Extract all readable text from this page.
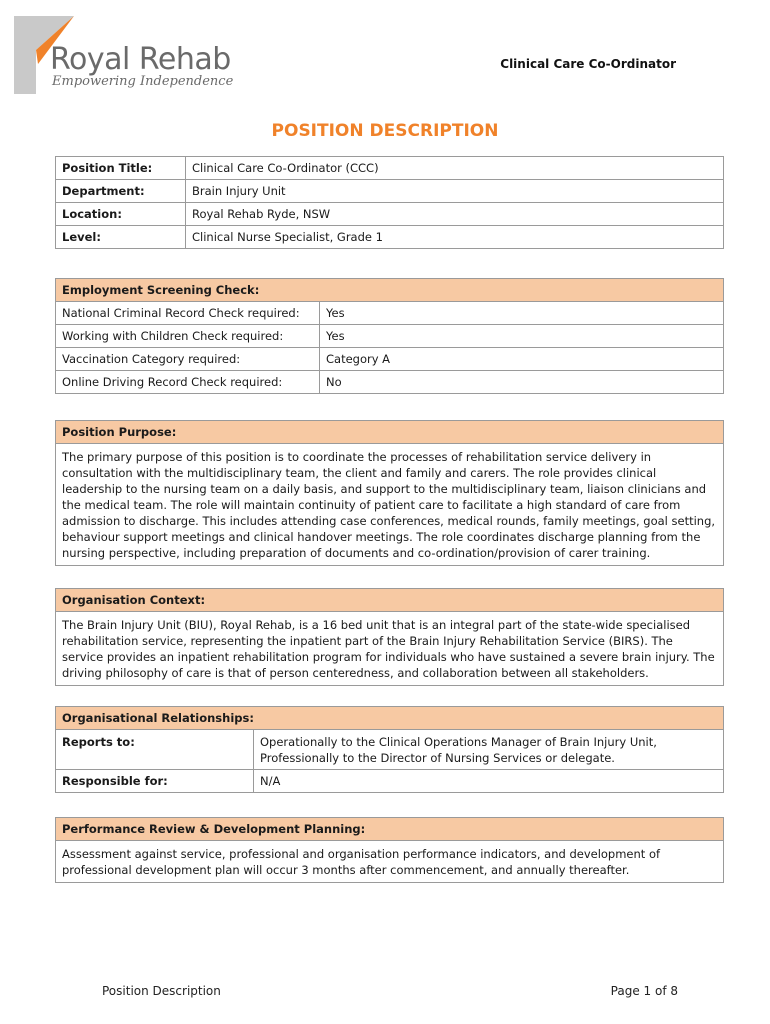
Royal Rehab
Empowering Independence
Clinical Care Co-Ordinator
POSITION DESCRIPTION
Position Title:	Clinical Care Co-Ordinator (CCC)
Department:	Brain Injury Unit
Location:	Royal Rehab Ryde, NSW
Level:	Clinical Nurse Specialist, Grade 1
Employment Screening Check:	
National Criminal Record Check required:	Yes
Working with Children Check required:	Yes
Vaccination Category required:	Category A
Online Driving Record Check required:	No
Position Purpose:
The primary purpose of this position is to coordinate the processes of rehabilitation service delivery in consultation with the multidisciplinary team, the client and family and carers. The role provides clinical leadership to the nursing team on a daily basis, and support to the multidisciplinary team, liaison clinicians and the medical team. The role will maintain continuity of patient care to facilitate a high standard of care from admission to discharge. This includes attending case conferences, medical rounds, family meetings, goal setting, behaviour support meetings and clinical handover meetings. The role coordinates discharge planning from the nursing perspective, including preparation of documents and co-ordination/provision of carer training.
Organisation Context:
The Brain Injury Unit (BIU), Royal Rehab, is a 16 bed unit that is an integral part of the state-wide specialised rehabilitation service, representing the inpatient part of the Brain Injury Rehabilitation Service (BIRS). The service provides an inpatient rehabilitation program for individuals who have sustained a severe brain injury. The driving philosophy of care is that of person centeredness, and collaboration between all stakeholders.
Organisational Relationships:	
Reports to:	Operationally to the Clinical Operations Manager of Brain Injury Unit,
Professionally to the Director of Nursing Services or delegate.

Responsible for:	N/A
Performance Review & Development Planning:
Assessment against service, professional and organisation performance indicators, and development of professional development plan will occur 3 months after commencement, and annually thereafter.
Position Description	Page 1 of 8
